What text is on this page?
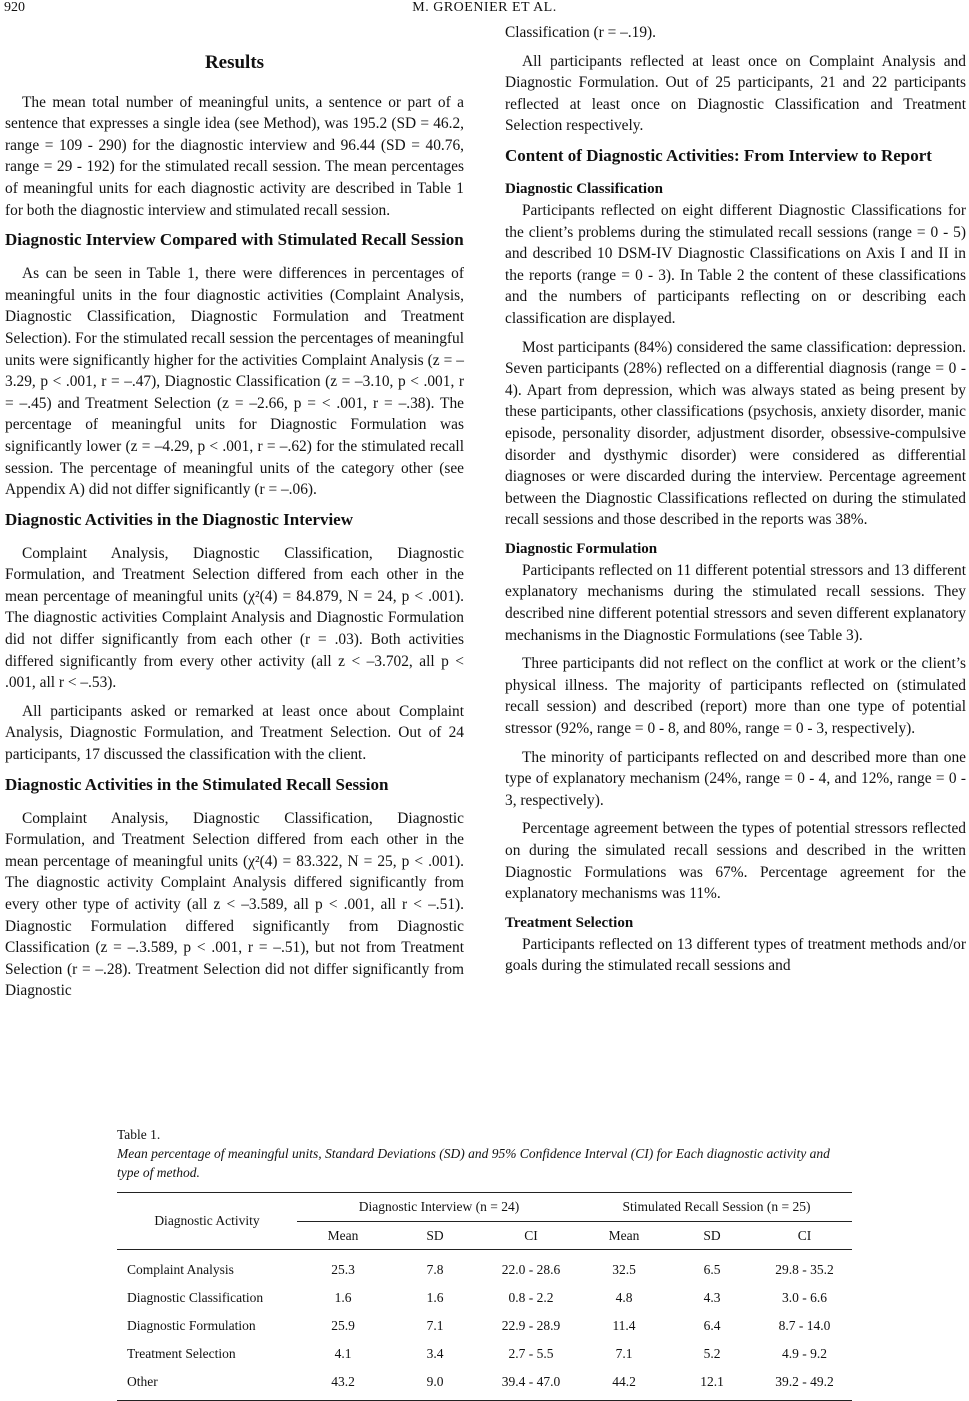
920	M. GROENIER ET AL.
Results

The mean total number of meaningful units, a sentence or part of a sentence that expresses a single idea (see Method), was 195.2 (SD = 46.2, range = 109 - 290) for the diagnostic interview and 96.44 (SD = 40.76, range = 29 - 192) for the stimulated recall session. The mean percentages of meaningful units for each diagnostic activity are described in Table 1 for both the diagnostic interview and stimulated recall session.

Diagnostic Interview Compared with Stimulated Recall Session

As can be seen in Table 1, there were differences in percentages of meaningful units in the four diagnostic activities (Complaint Analysis, Diagnostic Classification, Diagnostic Formulation and Treatment Selection). For the stimulated recall session the percentages of meaningful units were significantly higher for the activities Complaint Analysis (z = –3.29, p < .001, r = –.47), Diagnostic Classification (z = –3.10, p < .001, r = –.45) and Treatment Selection (z = –2.66, p = < .001, r = –.38). The percentage of meaningful units for Diagnostic Formulation was significantly lower (z = –4.29, p < .001, r = –.62) for the stimulated recall session. The percentage of meaningful units of the category other (see Appendix A) did not differ significantly (r = –.06).

Diagnostic Activities in the Diagnostic Interview

Complaint Analysis, Diagnostic Classification, Diagnostic Formulation, and Treatment Selection differed from each other in the mean percentage of meaningful units (χ²(4) = 84.879, N = 24, p < .001). The diagnostic activities Complaint Analysis and Diagnostic Formulation did not differ significantly from each other (r = .03). Both activities differed significantly from every other activity (all z < –3.702, all p < .001, all r < –.53).

All participants asked or remarked at least once about Complaint Analysis, Diagnostic Formulation, and Treatment Selection. Out of 24 participants, 17 discussed the classification with the client.

Diagnostic Activities in the Stimulated Recall Session

Complaint Analysis, Diagnostic Classification, Diagnostic Formulation, and Treatment Selection differed from each other in the mean percentage of meaningful units (χ²(4) = 83.322, N = 25, p < .001). The diagnostic activity Complaint Analysis differed significantly from every other type of activity (all z < –3.589, all p < .001, all r < –.51). Diagnostic Formulation differed significantly from Diagnostic Classification (z = –.3.589, p < .001, r = –.51), but not from Treatment Selection (r = –.28). Treatment Selection did not differ significantly from Diagnostic

Classification (r = –.19).

All participants reflected at least once on Complaint Analysis and Diagnostic Formulation. Out of 25 participants, 21 and 22 participants reflected at least once on Diagnostic Classification and Treatment Selection respectively.

Content of Diagnostic Activities: From Interview to Report
Diagnostic Classification

Participants reflected on eight different Diagnostic Classifications for the client’s problems during the stimulated recall sessions (range = 0 - 5) and described 10 DSM-IV Diagnostic Classifications on Axis I and II in the reports (range = 0 - 3). In Table 2 the content of these classifications and the numbers of participants reflecting on or describing each classification are displayed.

Most participants (84%) considered the same classification: depression. Seven participants (28%) reflected on a differential diagnosis (range = 0 - 4). Apart from depression, which was always stated as being present by these participants, other classifications (psychosis, anxiety disorder, manic episode, personality disorder, adjustment disorder, obsessive-compulsive disorder and dysthymic disorder) were considered as differential diagnoses or were discarded during the interview. Percentage agreement between the Diagnostic Classifications reflected on during the stimulated recall sessions and those described in the reports was 38%.

Diagnostic Formulation

Participants reflected on 11 different potential stressors and 13 different explanatory mechanisms during the stimulated recall sessions. They described nine different potential stressors and seven different explanatory mechanisms in the Diagnostic Formulations (see Table 3).

Three participants did not reflect on the conflict at work or the client’s physical illness. The majority of participants reflected on (stimulated recall session) and described (report) more than one type of potential stressor (92%, range = 0 - 8, and 80%, range = 0 - 3, respectively).

The minority of participants reflected on and described more than one type of explanatory mechanism (24%, range = 0 - 4, and 12%, range = 0 - 3, respectively).

Percentage agreement between the types of potential stressors reflected on during the simulated recall sessions and described in the written Diagnostic Formulations was 67%. Percentage agreement for the explanatory mechanisms was 11%.

Treatment Selection

Participants reflected on 13 different types of treatment methods and/or goals during the stimulated recall sessions and

Table 1.
Mean percentage of meaningful units, Standard Deviations (SD) and 95% Confidence Interval (CI) for Each diagnostic activity and type of method.
Diagnostic Activity	Diagnostic Interview (n = 24)			Stimulated Recall Session (n = 25)		
	Mean	SD	CI	Mean	SD	CI
Complaint Analysis	25.3	7.8	22.0 - 28.6	32.5	6.5	29.8 - 35.2
Diagnostic Classification	1.6	1.6	0.8 - 2.2	4.8	4.3	3.0 - 6.6
Diagnostic Formulation	25.9	7.1	22.9 - 28.9	11.4	6.4	8.7 - 14.0
Treatment Selection	4.1	3.4	2.7 - 5.5	7.1	5.2	4.9 - 9.2
Other	43.2	9.0	39.4 - 47.0	44.2	12.1	39.2 - 49.2
